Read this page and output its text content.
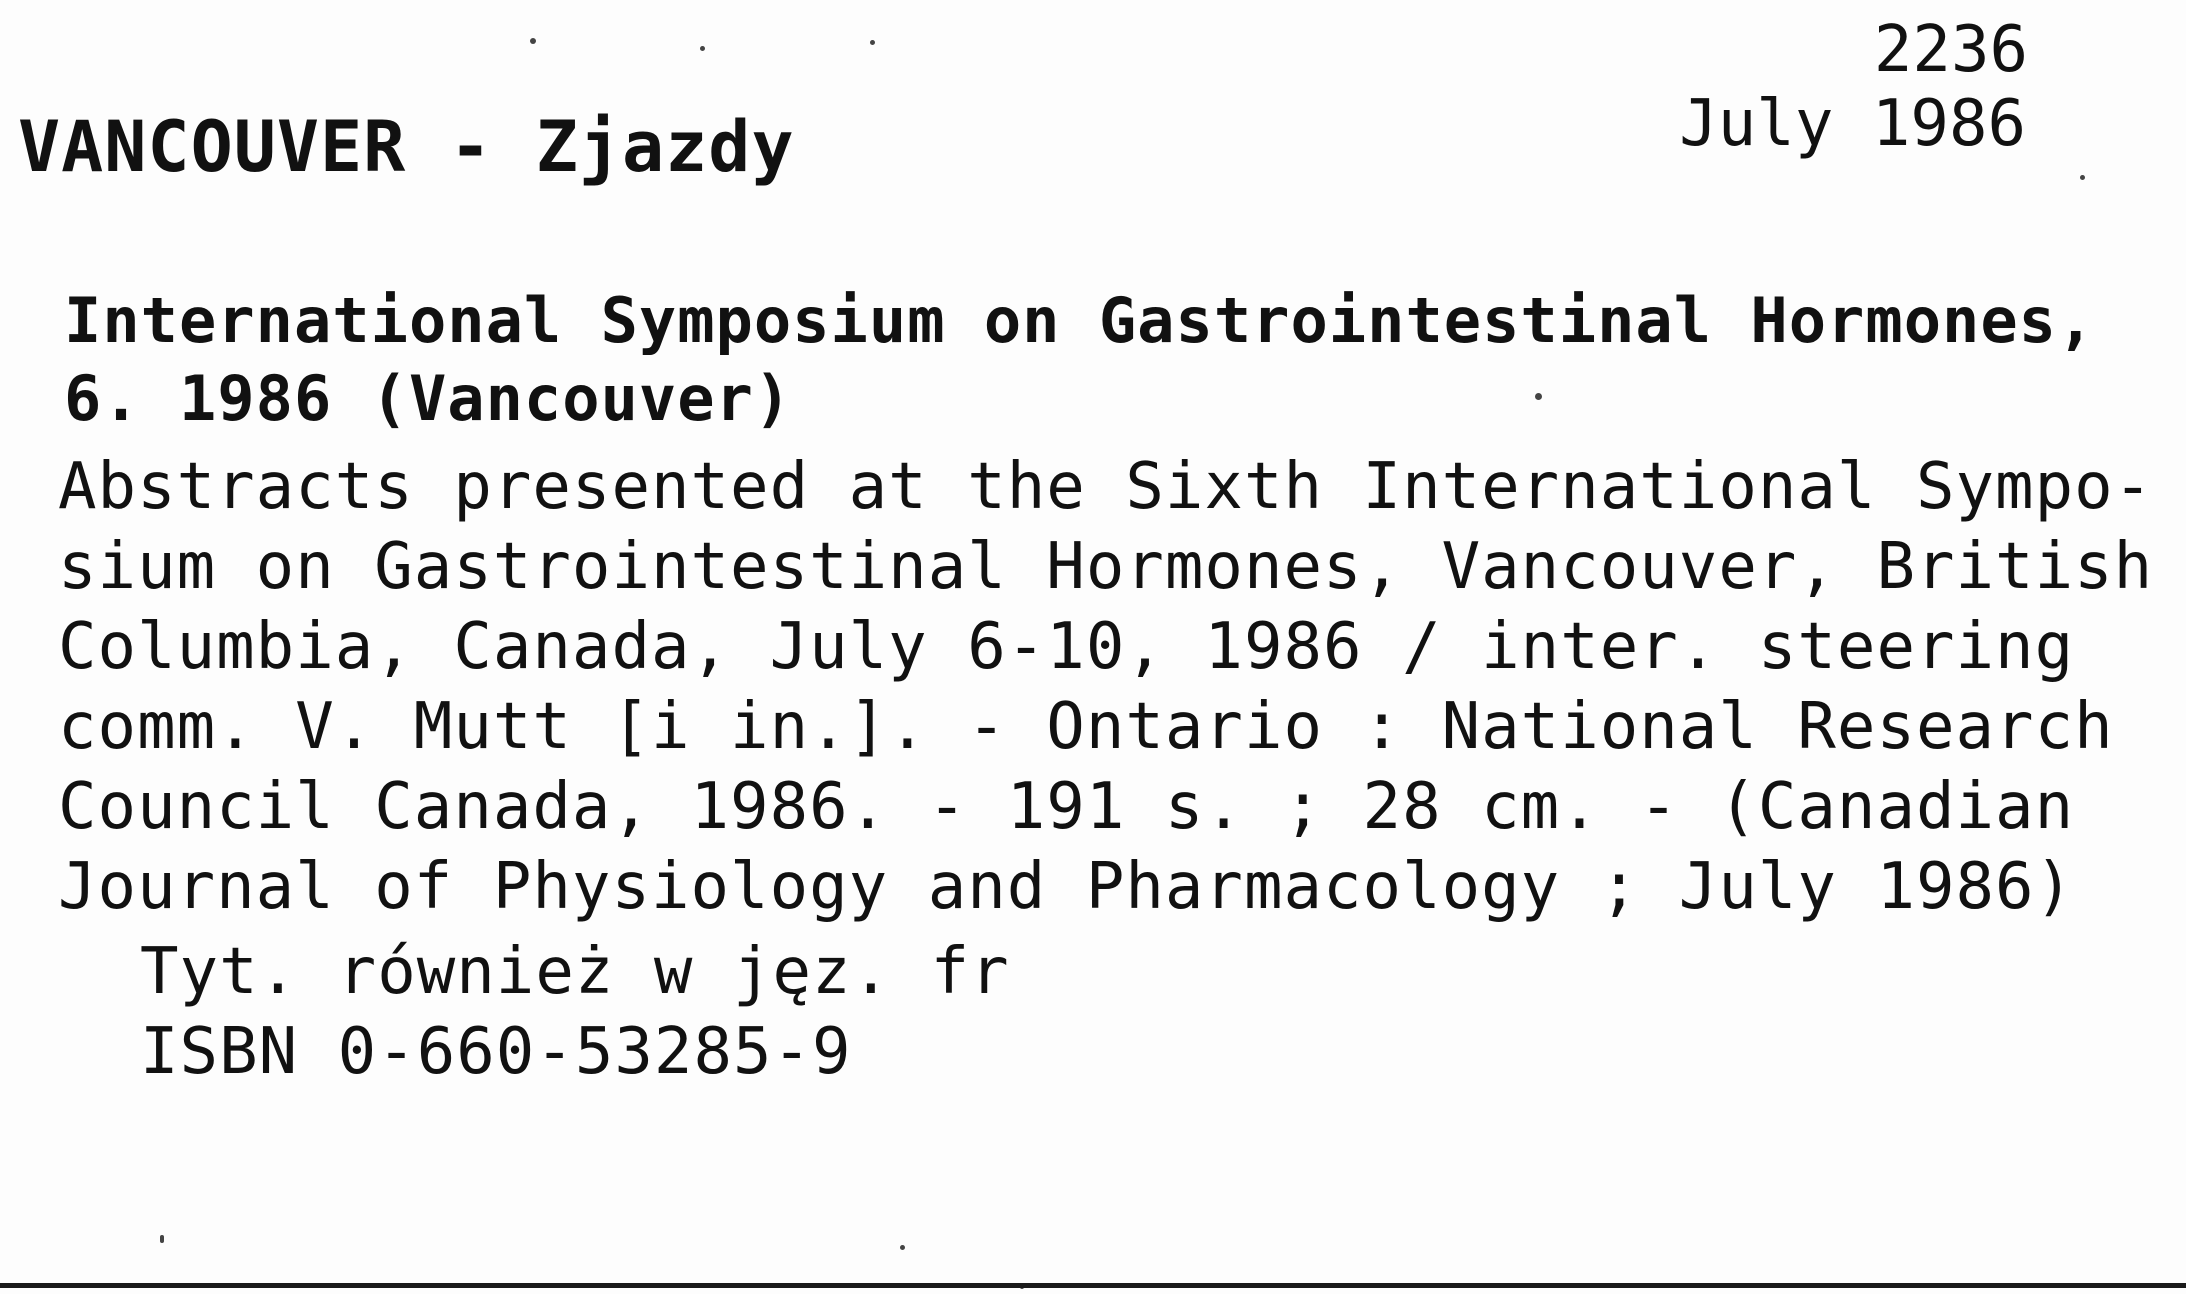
VANCOUVER - Zjazdy
2236
July 1986
International Symposium on Gastrointestinal Hormones,
6. 1986 (Vancouver)
Abstracts presented at the Sixth International Sympo-
sium on Gastrointestinal Hormones, Vancouver, British
Columbia, Canada, July 6-10, 1986 / inter. steering
comm. V. Mutt [i in.]. - Ontario : National Research
Council Canada, 1986. - 191 s. ; 28 cm. - (Canadian
Journal of Physiology and Pharmacology ; July 1986)
Tyt. również w jęz. fr
ISBN 0-660-53285-9
